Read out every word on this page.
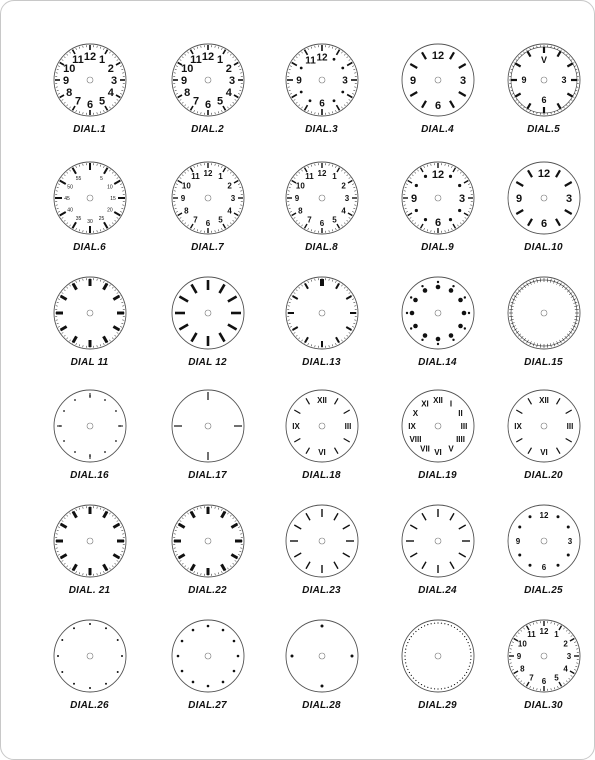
12 1
2
3
4
5
6
7
8
9
10
11
DIAL.1
12 1
2
3
4
5
6
7
8
9
10
11
DIAL.2
12
3
6
9
11
DIAL.3
12
3
6
9
DIAL.4
V
3
6
9
DIAL.5
5
10
15
20
25
30
35
40
45
50
55
DIAL.6
12 1
2
3
4
5
6
7
8
9
10
11
DIAL.7
12 1
2
3
4
5
6
7
8
9
10
11
DIAL.8
12
3
6
9
DIAL.9
12
3
6
9
DIAL.10
DIAL 11	DIAL 12	DIAL.13	DIAL.14	DIAL.15
DIAL.16	DIAL.17
XII
III
VI
IX
DIAL.18
XII I
II
III
IIII
V
VI
VII
VIII
IX
X
XI
DIAL.19
XII
III
VI
IX
DIAL.20
DIAL. 21	DIAL.22	DIAL.23	DIAL.24
12
3
6
9
DIAL.25
DIAL.26	DIAL.27	DIAL.28	DIAL.29
12 1
2
3
4
5
6
7
8
9
10
11
DIAL.30
